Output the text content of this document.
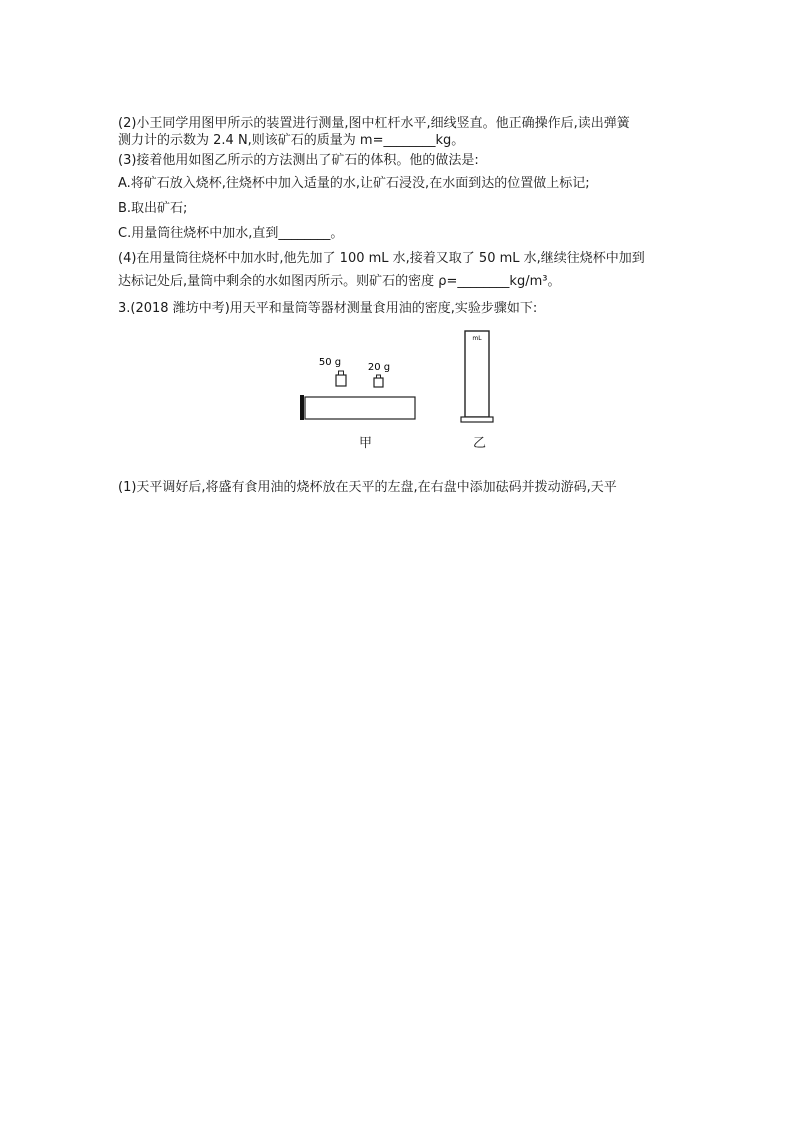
(2)小王同学用图甲所示的装置进行测量,图中杠杆水平,细线竖直。他正确操作后,读出弹簧
测力计的示数为 2.4 N,则该矿石的质量为 m=________kg。
(3)接着他用如图乙所示的方法测出了矿石的体积。他的做法是:
A.将矿石放入烧杯,往烧杯中加入适量的水,让矿石浸没,在水面到达的位置做上标记;
B.取出矿石;
C.用量筒往烧杯中加水,直到________。
(4)在用量筒往烧杯中加水时,他先加了 100 mL 水,接着又取了 50 mL 水,继续往烧杯中加到
达标记处后,量筒中剩余的水如图丙所示。则矿石的密度 ρ=________kg/m³。
3.(2018 潍坊中考)用天平和量筒等器材测量食用油的密度,实验步骤如下:
50 g	20 g
mL
甲	乙
(1)天平调好后,将盛有食用油的烧杯放在天平的左盘,在右盘中添加砝码并拨动游码,天平
